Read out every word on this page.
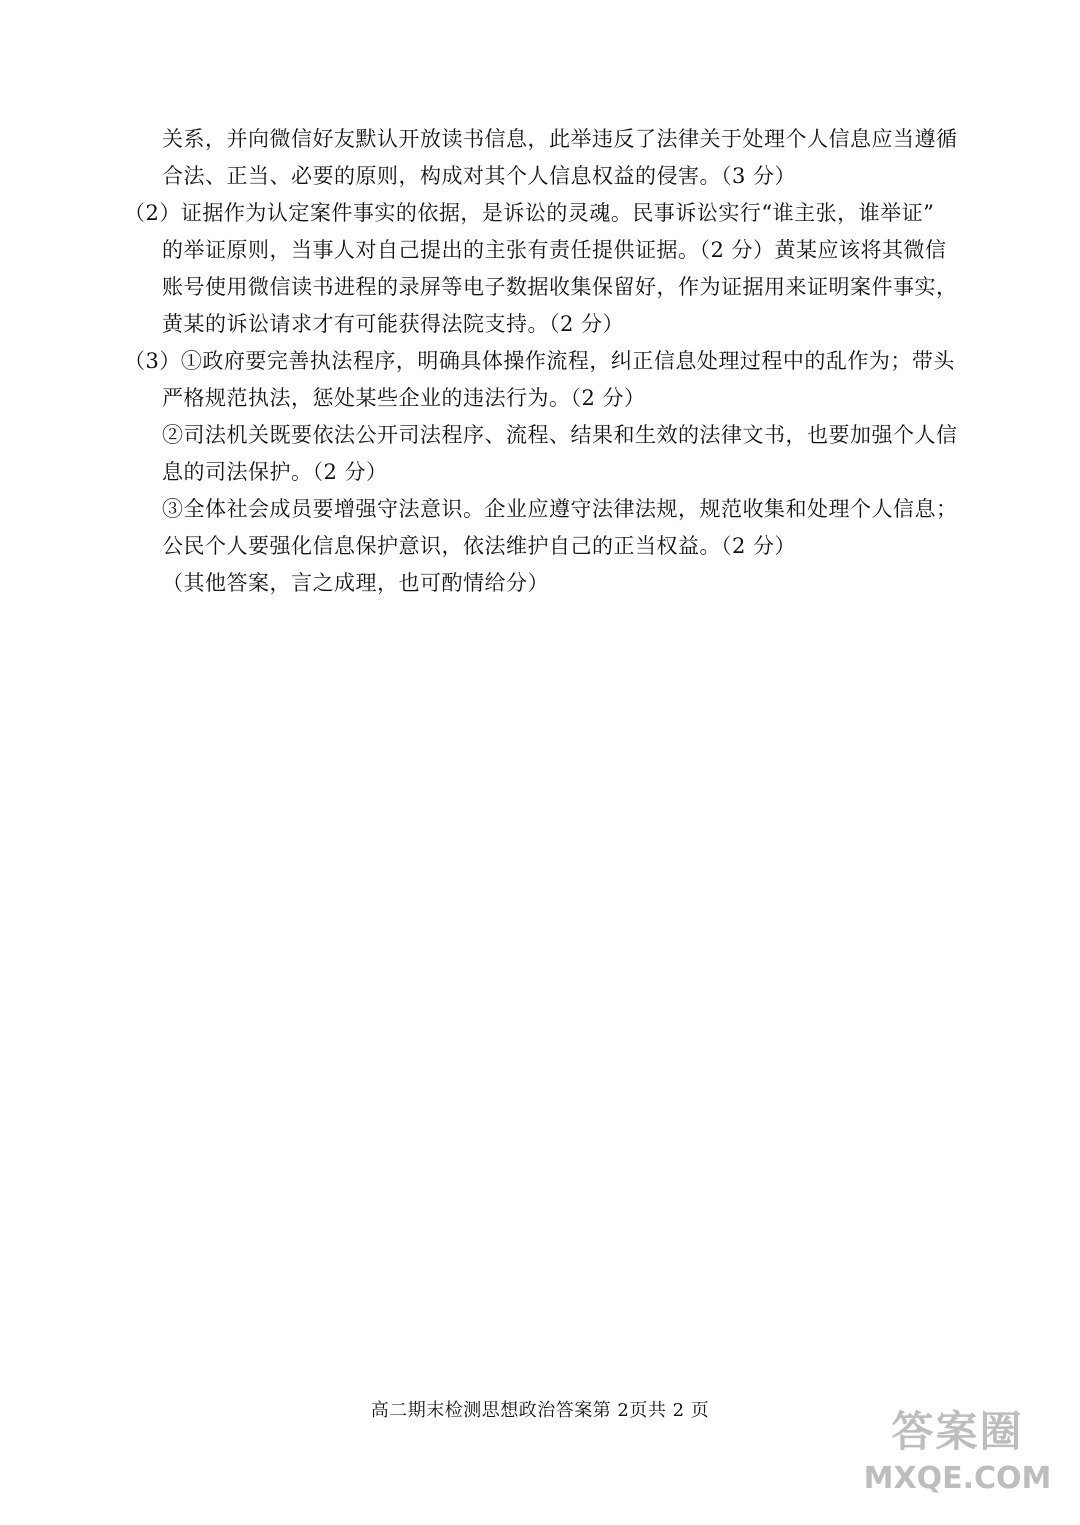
关系，并向微信好友默认开放读书信息，此举违反了法律关于处理个人信息应当遵循
合法、正当、必要的原则，构成对其个人信息权益的侵害。（3 分）
（2）证据作为认定案件事实的依据，是诉讼的灵魂。民事诉讼实行“谁主张，谁举证”
的举证原则，当事人对自己提出的主张有责任提供证据。（2 分）黄某应该将其微信
账号使用微信读书进程的录屏等电子数据收集保留好，作为证据用来证明案件事实，
黄某的诉讼请求才有可能获得法院支持。（2 分）
（3）①政府要完善执法程序，明确具体操作流程，纠正信息处理过程中的乱作为；带头
严格规范执法，惩处某些企业的违法行为。（2 分）
②司法机关既要依法公开司法程序、流程、结果和生效的法律文书，也要加强个人信
息的司法保护。（2 分）
③全体社会成员要增强守法意识。企业应遵守法律法规，规范收集和处理个人信息；
公民个人要强化信息保护意识，依法维护自己的正当权益。（2 分）
（其他答案，言之成理，也可酌情给分）
高二期末检测思想政治答案第 2页共 2 页	答案圈
MXQE.COM
